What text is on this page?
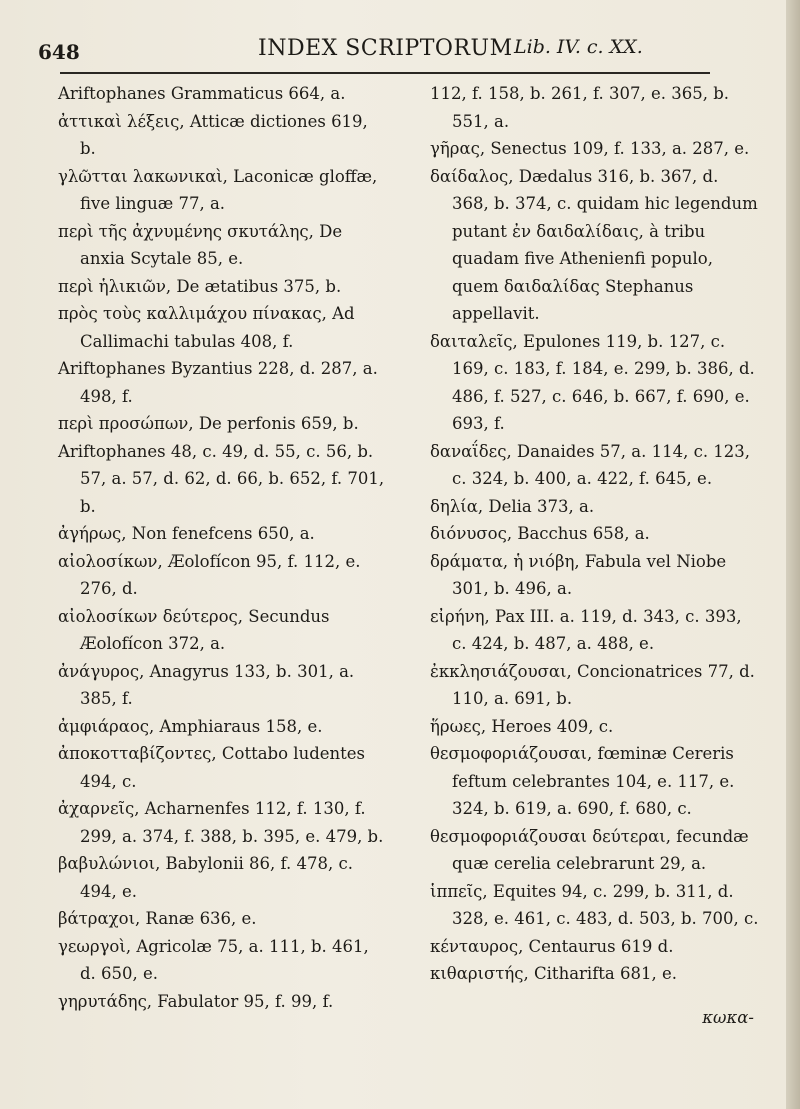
648	INDEX SCRIPTORUM Lib. IV. c. XX.

Ariftophanes Grammaticus 664, a.

ἀττικαὶ λέξεις, Atticæ dictiones 619, b.

γλῶτται λακωνικαὶ, Laconicæ gloffæ, five linguæ 77, a.

περὶ τῆς ἀχνυμένης σκυτάλης, De anxia Scytale 85, e.

περὶ ἡλικιῶν, De ætatibus 375, b.

πρὸς τοὺς καλλιμάχου πίνακας, Ad Callimachi tabulas 408, f.

Ariftophanes Byzantius 228, d. 287, a. 498, f.

περὶ προσώπων, De perfonis 659, b.

Ariftophanes 48, c. 49, d. 55, c. 56, b. 57, a. 57, d. 62, d. 66, b. 652, f. 701, b.

ἀγήρως, Non fenefcens 650, a.

αἰολοσίκων, Æolofícon 95, f. 112, e. 276, d.

αἰολοσίκων δεύτερος, Secundus Æolofícon 372, a.

ἀνάγυρος, Anagyrus 133, b. 301, a. 385, f.

ἀμφιάραος, Amphiaraus 158, e.

ἀποκοτταβίζοντες, Cottabo ludentes 494, c.

ἀχαρνεῖς, Acharnenfes 112, f. 130, f. 299, a. 374, f. 388, b. 395, e. 479, b.

βαβυλώνιοι, Babylonii 86, f. 478, c. 494, e.

βάτραχοι, Ranæ 636, e.

γεωργοὶ, Agricolæ 75, a. 111, b. 461, d. 650, e.

γηρυτάδης, Fabulator 95, f. 99, f.

112, f. 158, b. 261, f. 307, e. 365, b. 551, a.

γῆρας, Senectus 109, f. 133, a. 287, e.

δαίδαλος, Dædalus 316, b. 367, d. 368, b. 374, c. quidam hic legendum putant ἐν δαιδαλίδαις, à tribu quadam five Athenienfi populo, quem δαιδαλίδας Stephanus appellavit.

δαιταλεῖς, Epulones 119, b. 127, c. 169, c. 183, f. 184, e. 299, b. 386, d. 486, f. 527, c. 646, b. 667, f. 690, e. 693, f.

δαναΐδες, Danaides 57, a. 114, c. 123, c. 324, b. 400, a. 422, f. 645, e.

δηλία, Delia 373, a.

διόνυσος, Bacchus 658, a.

δράματα, ἡ νιόβη, Fabula vel Niobe 301, b. 496, a.

εἰρήνη, Pax III. a. 119, d. 343, c. 393, c. 424, b. 487, a. 488, e.

ἐκκλησιάζουσαι, Concionatrices 77, d. 110, a. 691, b.

ἥρωες, Heroes 409, c.

θεσμοφοριάζουσαι, fœminæ Cereris feftum celebrantes 104, e. 117, e. 324, b. 619, a. 690, f. 680, c.

θεσμοφοριάζουσαι δεύτεραι, fecundæ quæ cerelia celebrarunt 29, a.

ἱππεῖς, Equites 94, c. 299, b. 311, d. 328, e. 461, c. 483, d. 503, b. 700, c.

κένταυρος, Centaurus 619 d.

κιθαριστής, Citharifta 681, e.

κωκα-
